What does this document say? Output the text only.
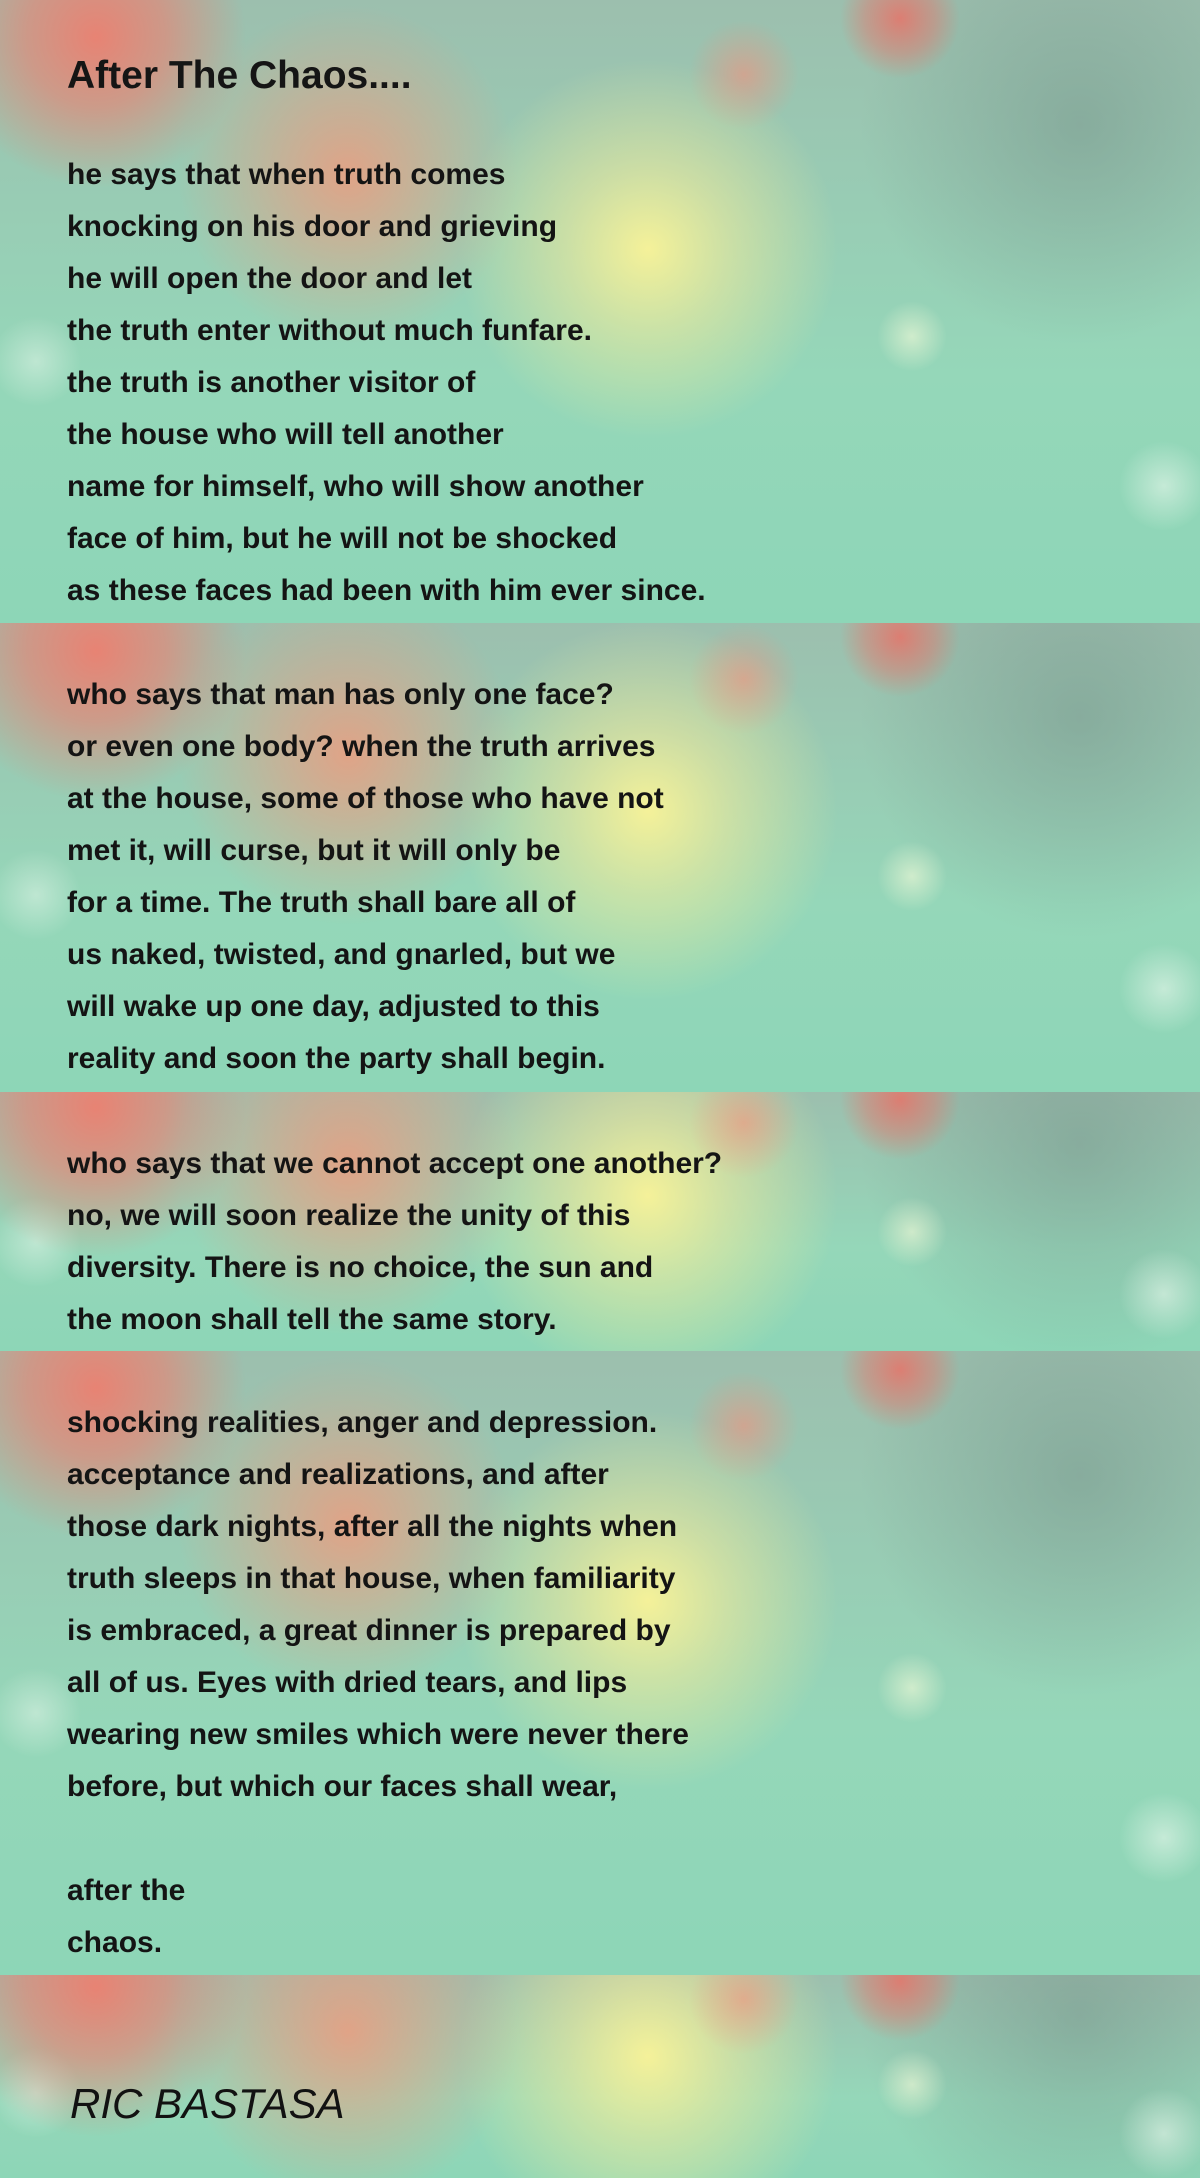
After The Chaos....
he says that when truth comes
knocking on his door and grieving
he will open the door and let
the truth enter without much funfare.
the truth is another visitor of
the house who will tell another
name for himself, who will show another
face of him, but he will not be shocked
as these faces had been with him ever since.
who says that man has only one face?
or even one body? when the truth arrives
at the house, some of those who have not
met it, will curse, but it will only be
for a time. The truth shall bare all of
us naked, twisted, and gnarled, but we
will wake up one day, adjusted to this
reality and soon the party shall begin.
who says that we cannot accept one another?
no, we will soon realize the unity of this
diversity. There is no choice, the sun and
the moon shall tell the same story.
shocking realities, anger and depression.
acceptance and realizations, and after
those dark nights, after all the nights when
truth sleeps in that house, when familiarity
is embraced, a great dinner is prepared by
all of us. Eyes with dried tears, and lips
wearing new smiles which were never there
before, but which our faces shall wear,
after the
chaos.

RIC BASTASA
